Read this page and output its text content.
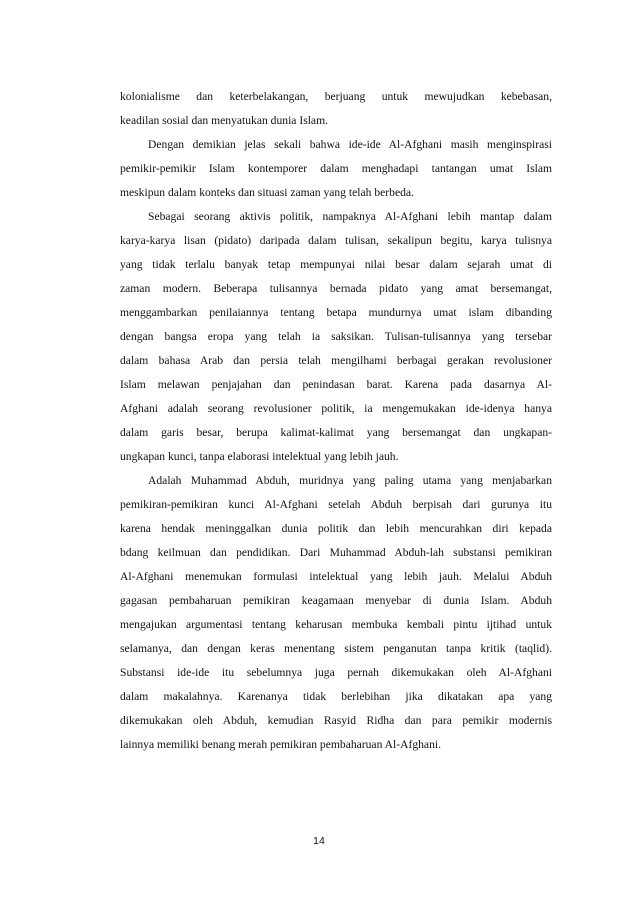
kolonialisme dan keterbelakangan, berjuang untuk mewujudkan kebebasan,
keadilan sosial dan menyatukan dunia Islam.
Dengan demikian jelas sekali bahwa ide-ide Al-Afghani masih menginspirasi
pemikir-pemikir Islam kontemporer dalam menghadapi tantangan umat Islam
meskipun dalam konteks dan situasi zaman yang telah berbeda.
Sebagai seorang aktivis politik, nampaknya Al-Afghani lebih mantap dalam
karya-karya lisan (pidato) daripada dalam tulisan, sekalipun begitu, karya tulisnya
yang tidak terlalu banyak tetap mempunyai nilai besar dalam sejarah umat di
zaman modern. Beberapa tulisannya bernada pidato yang amat bersemangat,
menggambarkan penilaiannya tentang betapa mundurnya umat islam dibanding
dengan bangsa eropa yang telah ia saksikan. Tulisan-tulisannya yang tersebar
dalam bahasa Arab dan persia telah mengilhami berbagai gerakan revolusioner
Islam melawan penjajahan dan penindasan barat. Karena pada dasarnya Al-
Afghani adalah seorang revolusioner politik, ia mengemukakan ide-idenya hanya
dalam garis besar, berupa kalimat-kalimat yang bersemangat dan ungkapan-
ungkapan kunci, tanpa elaborasi intelektual yang lebih jauh.
Adalah Muhammad Abduh, muridnya yang paling utama yang menjabarkan
pemikiran-pemikiran kunci Al-Afghani setelah Abduh berpisah dari gurunya itu
karena hendak meninggalkan dunia politik dan lebih mencurahkan diri kepada
bdang keilmuan dan pendidikan. Dari Muhammad Abduh-lah substansi pemikiran
Al-Afghani menemukan formulasi intelektual yang lebih jauh. Melalui Abduh
gagasan pembaharuan pemikiran keagamaan menyebar di dunia Islam. Abduh
mengajukan argumentasi tentang keharusan membuka kembali pintu ijtihad untuk
selamanya, dan dengan keras menentang sistem penganutan tanpa kritik (taqlid).
Substansi ide-ide itu sebelumnya juga pernah dikemukakan oleh Al-Afghani
dalam makalahnya. Karenanya tidak berlebihan jika dikatakan apa yang
dikemukakan oleh Abduh, kemudian Rasyid Ridha dan para pemikir modernis
lainnya memiliki benang merah pemikiran pembaharuan Al-Afghani.
14
